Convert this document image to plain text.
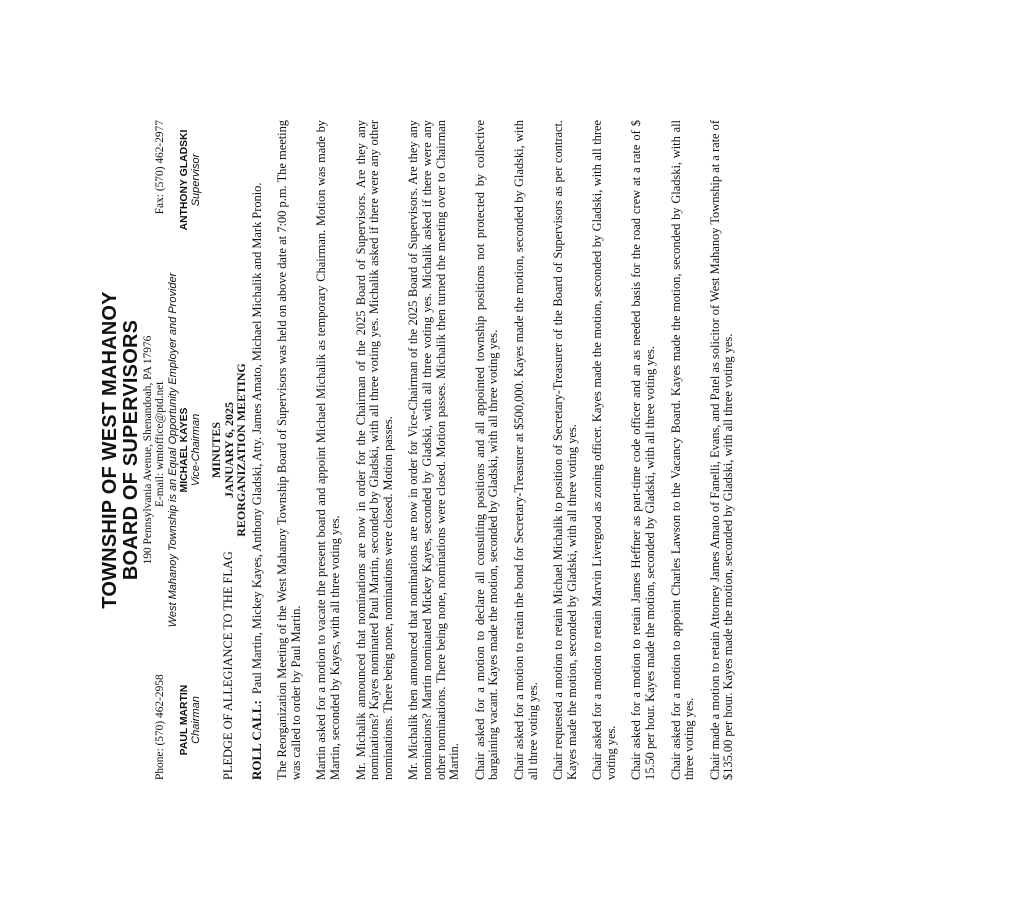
TOWNSHIP OF WEST MAHANOY BOARD OF SUPERVISORS 190 Pennsylvania Avenue, Shenandoah, PA 17976
Phone: (570) 462-2958
E-mail: wmtoffice@ptd.net
Fax: (570) 462-2977
West Mahanoy Township is an Equal Opportunity Employer and Provider
PAUL MARTIN Chairman
MICHAEL KAYES Vice-Chairman
ANTHONY GLADSKI Supervisor
MINUTES
JANUARY 6, 2025
REORGANIZATION MEETING
PLEDGE OF ALLEGIANCE TO THE FLAG ROLL CALL:Paul Martin, Mickey Kayes, Anthony Gladski, Atty. James Amato, Michael Michalik and Mark Pronio. The Reorganization Meeting of the West Mahanoy Township Board of Supervisors was held on above date at 7:00 p.m. The meeting was called to order by Paul Martin. Martin asked for a motion to vacate the present board and appoint Michael Michalik as temporary Chairman. Motion was made by Martin, seconded by Kayes, with all three voting yes. Mr. Michalik announced that nominations are now in order for the Chairman of the 2025 Board of Supervisors. Are they any nominations? Kayes nominated Paul Martin, seconded by Gladski, with all three voting yes. Michalik asked if there were any other nominations. There being none, nominations were closed. Motion passes. Mr. Michalik then announced that nominations are now in order for Vice-Chairman of the 2025 Board of Supervisors. Are they any nominations? Martin nominated Mickey Kayes, seconded by Gladski, with all three voting yes. Michalik asked if there were any other nominations. There being none, nominations were closed. Motion passes. Michalik then turned the meeting over to Chairman Martin. Chair asked for a motion to declare all consulting positions and all appointed township positions not protected by collective bargaining vacant. Kayes made the motion, seconded by Gladski, with all three voting yes. Chair asked for a motion to retain the bond for Secretary-Treasurer at $500,000. Kayes made the motion, seconded by Gladski, with all three voting yes. Chair requested a motion to retain Michael Michalik to position of Secretary-Treasurer of the Board of Supervisors as per contract. Kayes made the motion, seconded by Gladski, with all three voting yes. Chair asked for a motion to retain Marvin Livergood as zoning officer. Kayes made the motion, seconded by Gladski, with all three voting yes. Chair asked for a motion to retain James Heffner as part-time code officer and an as needed basis for the road crew at a rate of $ 15.50 per hour. Kayes made the motion, seconded by Gladski, with all three voting yes. Chair asked for a motion to appoint Charles Lawson to the Vacancy Board. Kayes made the motion, seconded by Gladski, with all three voting yes. Chair made a motion to retain Attorney James Amato of Fanelli, Evans, and Patel as solicitor of West Mahanoy Township at a rate of $135.00 per hour. Kayes made the motion, seconded by Gladski, with all three voting yes.
